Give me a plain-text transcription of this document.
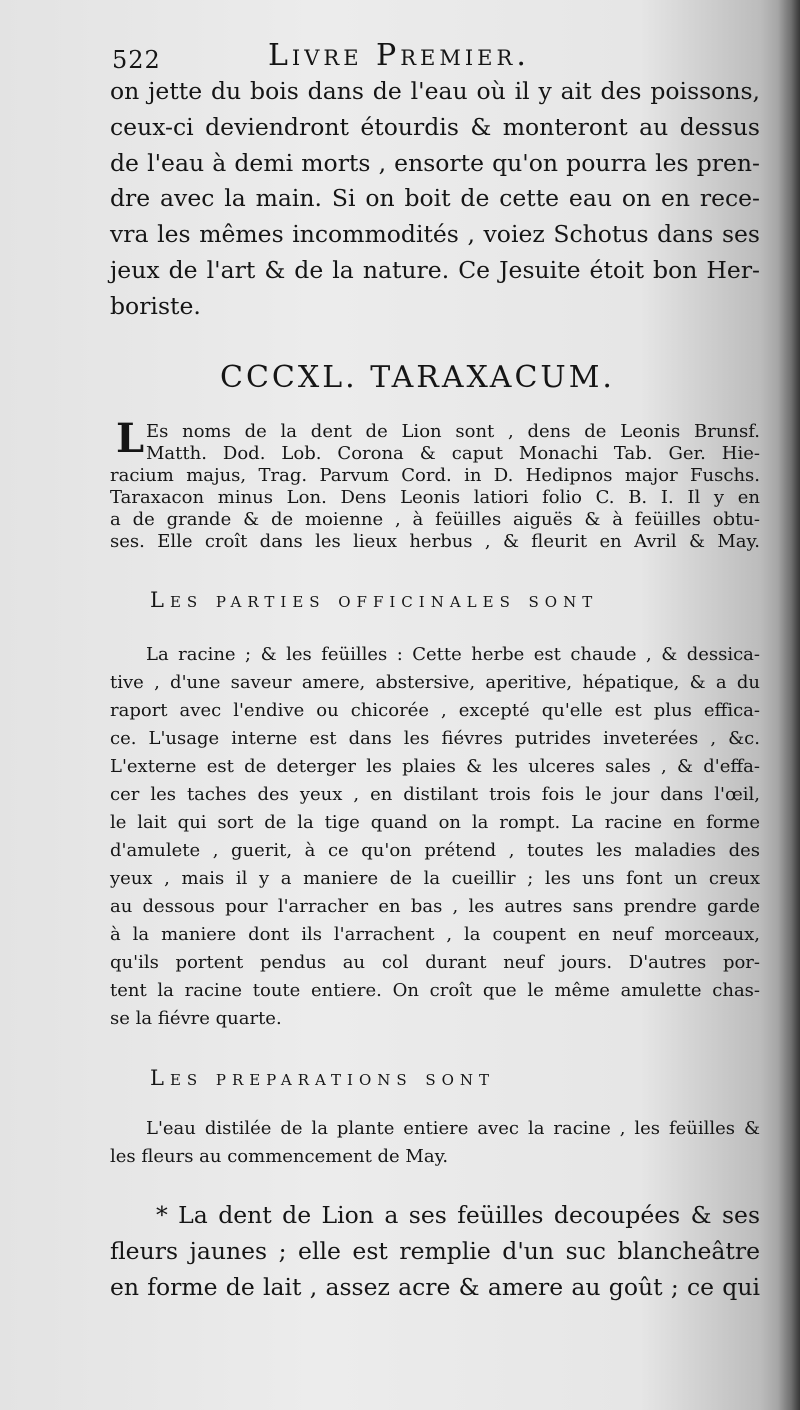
522	Livre Premier.
on jette du bois dans de l'eau où il y ait des poissons,
ceux-ci deviendront étourdis & monteront au dessus
de l'eau à demi morts , ensorte qu'on pourra les pren-
dre avec la main. Si on boit de cette eau on en rece-
vra les mêmes incommodités , voiez Schotus dans ses
jeux de l'art & de la nature. Ce Jesuite étoit bon Her-
boriste.
CCCXL. TARAXACUM.
L Es noms de la dent de Lion sont , dens de Leonis Brunsf.
Matth. Dod. Lob. Corona & caput Monachi Tab. Ger. Hie-
racium majus, Trag. Parvum Cord. in D. Hedipnos major Fuschs.
Taraxacon minus Lon. Dens Leonis latiori folio C. B. I. Il y en
a de grande & de moienne , à feüilles aiguës & à feüilles obtu-
ses. Elle croît dans les lieux herbus , & fleurit en Avril & May.
Les parties officinales sont
La racine ; & les feüilles : Cette herbe est chaude , & dessica-
tive , d'une saveur amere, abstersive, aperitive, hépatique, & a du
raport avec l'endive ou chicorée , excepté qu'elle est plus effica-
ce. L'usage interne est dans les fiévres putrides inveterées , &c.
L'externe est de deterger les plaies & les ulceres sales , & d'effa-
cer les taches des yeux , en distilant trois fois le jour dans l'œil,
le lait qui sort de la tige quand on la rompt. La racine en forme
d'amulete , guerit, à ce qu'on prétend , toutes les maladies des
yeux , mais il y a maniere de la cueillir ; les uns font un creux
au dessous pour l'arracher en bas , les autres sans prendre garde
à la maniere dont ils l'arrachent , la coupent en neuf morceaux,
qu'ils portent pendus au col durant neuf jours. D'autres por-
tent la racine toute entiere. On croît que le même amulette chas-
se la fiévre quarte.
Les preparations sont
L'eau distilée de la plante entiere avec la racine , les feüilles &
les fleurs au commencement de May.
* La dent de Lion a ses feüilles decoupées & ses
fleurs jaunes ; elle est remplie d'un suc blancheâtre
en forme de lait , assez acre & amere au goût ; ce qui
